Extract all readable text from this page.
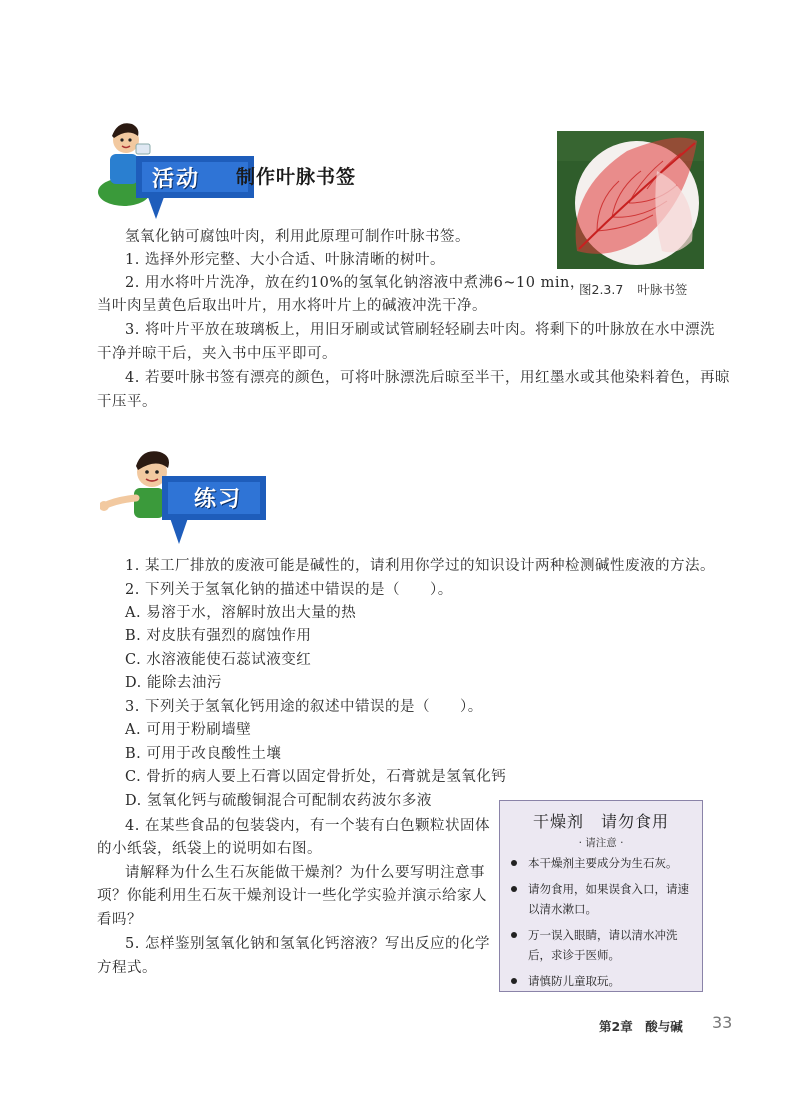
活动 制作叶脉书签
图2.3.7 叶脉书签
氢氧化钠可腐蚀叶肉，利用此原理可制作叶脉书签。
1. 选择外形完整、大小合适、叶脉清晰的树叶。
2. 用水将叶片洗净，放在约10%的氢氧化钠溶液中煮沸6~10 min，
当叶肉呈黄色后取出叶片，用水将叶片上的碱液冲洗干净。
3. 将叶片平放在玻璃板上，用旧牙刷或试管刷轻轻刷去叶肉。将剩下的叶脉放在水中漂洗
干净并晾干后，夹入书中压平即可。
4. 若要叶脉书签有漂亮的颜色，可将叶脉漂洗后晾至半干，用红墨水或其他染料着色，再晾
干压平。
练习
1. 某工厂排放的废液可能是碱性的，请利用你学过的知识设计两种检测碱性废液的方法。
2. 下列关于氢氧化钠的描述中错误的是（　　）。
A. 易溶于水，溶解时放出大量的热
B. 对皮肤有强烈的腐蚀作用
C. 水溶液能使石蕊试液变红
D. 能除去油污
3. 下列关于氢氧化钙用途的叙述中错误的是（　　）。
A. 可用于粉刷墙壁
B. 可用于改良酸性土壤
C. 骨折的病人要上石膏以固定骨折处，石膏就是氢氧化钙
D. 氢氧化钙与硫酸铜混合可配制农药波尔多液
4. 在某些食品的包装袋内，有一个装有白色颗粒状固体
的小纸袋，纸袋上的说明如右图。
请解释为什么生石灰能做干燥剂？为什么要写明注意事
项？你能利用生石灰干燥剂设计一些化学实验并演示给家人
看吗？
5. 怎样鉴别氢氧化钠和氢氧化钙溶液？写出反应的化学
方程式。
干燥剂　请勿食用
· 请注意 ·
本干燥剂主要成分为生石灰。
请勿食用，如果误食入口，请速以清水漱口。
万一误入眼睛，请以清水冲洗后，求诊于医师。
请慎防儿童取玩。
第2章　酸与碱 33
